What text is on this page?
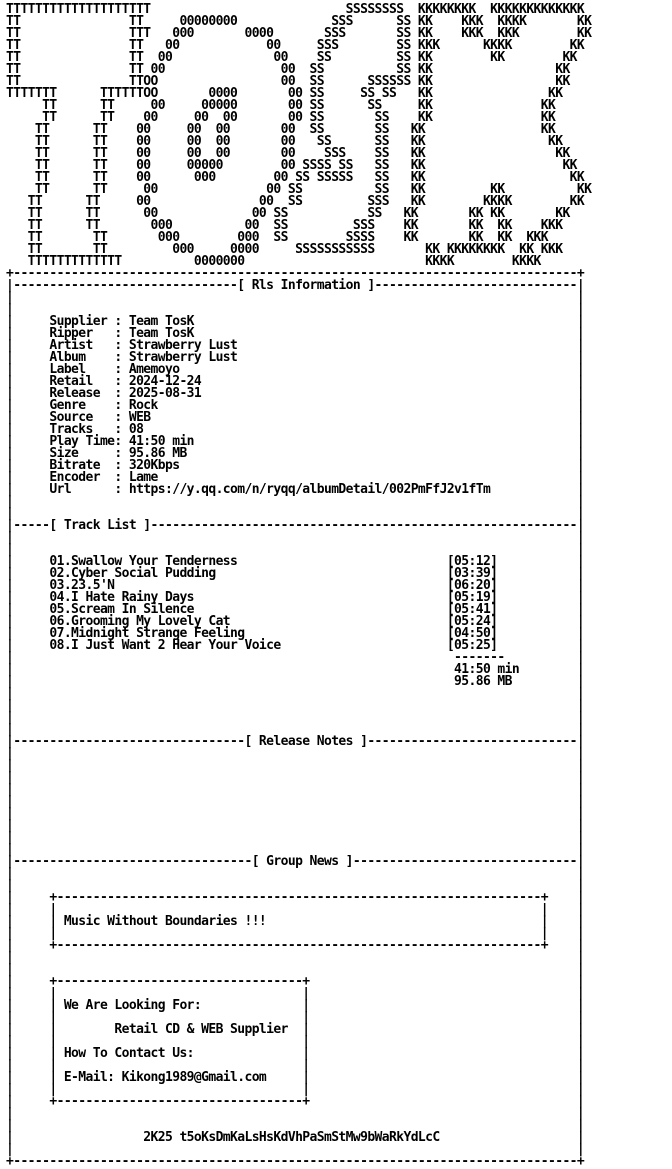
TTTTTTTTTTTTTTTTTTTT                           SSSSSSSS  KKKKKKKK  KKKKKKKKKKKKK
TT               TT     00000000             SSS      SS KK    KKK  KKKK       KK
TT               TTT   000       0000       SSS       SS KK    KKK  KKK        KK
TT               TT   00            00     SSS        SS KKK      KKKK        KK
TT               TT  00              00    SS         SS KK        KK        KK
TT               TT 00                00  SS          SS KK                 KK
TT               TTOO                 00  SS      SSSSSS KK                 KK
TTTTTTT      TTTTTTOO       0000       00 SS     SS SS   KK                KK
TT      TT     00     00000       00 SS      SS     KK               KK
TT      TT    00     00  00       00 SS       SS    KK               KK
TT      TT    00     00  00       00  SS       SS   KK                KK
TT      TT    00     00  00       00   SS      SS   KK                 KK
TT      TT    00     00  00       00    SSS    SS   KK                  KK
TT      TT    00     00000        00 SSSS SS   SS   KK                   KK
TT      TT    00      000        00 SS SSSSS   SS   KK                    KK
TT      TT     00               00 SS          SS   KK         KK          KK
TT      TT     00               00  SS         SSS   KK        KKKK        KK
TT      TT      00             00 SS           SS   KK       KK KK       KK
TT      TT       000          00  SS         SSS    KK       KK  KK    KKK
TT       TT       000        000  SS        SSSS    KK       KK  KK  KKK
TT       TT         000     0000     SSSSSSSSSSS       KK KKKKKKKK  KK KKK
TTTTTTTTTTTTT          0000000                         KKKK        KKKK
+------------------------------------------------------------------------------+
|-------------------------------[ Rls Information ]----------------------------|
|                                                                              |
|                                                                              |
|     Supplier : Team TosK                                                     |
|     Ripper   : Team TosK                                                     |
|     Artist   : Strawberry Lust                                               |
|     Album    : Strawberry Lust                                               |
|     Label    : Amemoyo                                                       |
|     Retail   : 2024-12-24                                                    |
|     Release  : 2025-08-31                                                    |
|     Genre    : Rock                                                          |
|     Source   : WEB                                                           |
|     Tracks   : 08                                                            |
|     Play Time: 41:50 min                                                     |
|     Size     : 95.86 MB                                                      |
|     Bitrate  : 320Kbps                                                       |
|     Encoder  : Lame                                                          |
|     Url      : https://y.qq.com/n/ryqq/albumDetail/002PmFfJ2v1fTm            |
|                                                                              |
|                                                                              |
|-----[ Track List ]-----------------------------------------------------------|
|                                                                              |
|                                                                              |
|     01.Swallow Your Tenderness                             [05:12]           |
|     02.Cyber Social Pudding                                [03:39]           |
|     03.23.5'N                                              [06:20]           |
|     04.I Hate Rainy Days                                   [05:19]           |
|     05.Scream In Silence                                   [05:41]           |
|     06.Grooming My Lovely Cat                              [05:24]           |
|     07.Midnight Strange Feeling                            [04:50]           |
|     08.I Just Want 2 Hear Your Voice                       [05:25]           |
|                                                             -------          |
|                                                             41:50 min        |
|                                                             95.86 MB         |
|                                                                              |
|                                                                              |
|                                                                              |
|                                                                              |
|--------------------------------[ Release Notes ]-----------------------------|
|                                                                              |
|                                                                              |
|                                                                              |
|                                                                              |
|                                                                              |
|                                                                              |
|                                                                              |
|                                                                              |
|                                                                              |
|---------------------------------[ Group News ]-------------------------------|
|                                                                              |
|                                                                              |
|     +-------------------------------------------------------------------+    |
|     |                                                                   |    |
|     | Music Without Boundaries !!!                                      |    |
|     |                                                                   |    |
|     +-------------------------------------------------------------------+    |
|                                                                              |
|                                                                              |
|     +----------------------------------+                                     |
|     |                                  |                                     |
|     | We Are Looking For:              |                                     |
|     |                                  |                                     |
|     |        Retail CD & WEB Supplier  |                                     |
|     |                                  |                                     |
|     | How To Contact Us:               |                                     |
|     |                                  |                                     |
|     | E-Mail: Kikong1989@Gmail.com     |                                     |
|     |                                  |                                     |
|     +----------------------------------+                                     |
|                                                                              |
|                                                                              |
|                  2K25 t5oKsDmKaLsHsKdVhPaSmStMw9bWaRkYdLcC                   |
|                                                                              |
+------------------------------------------------------------------------------+
